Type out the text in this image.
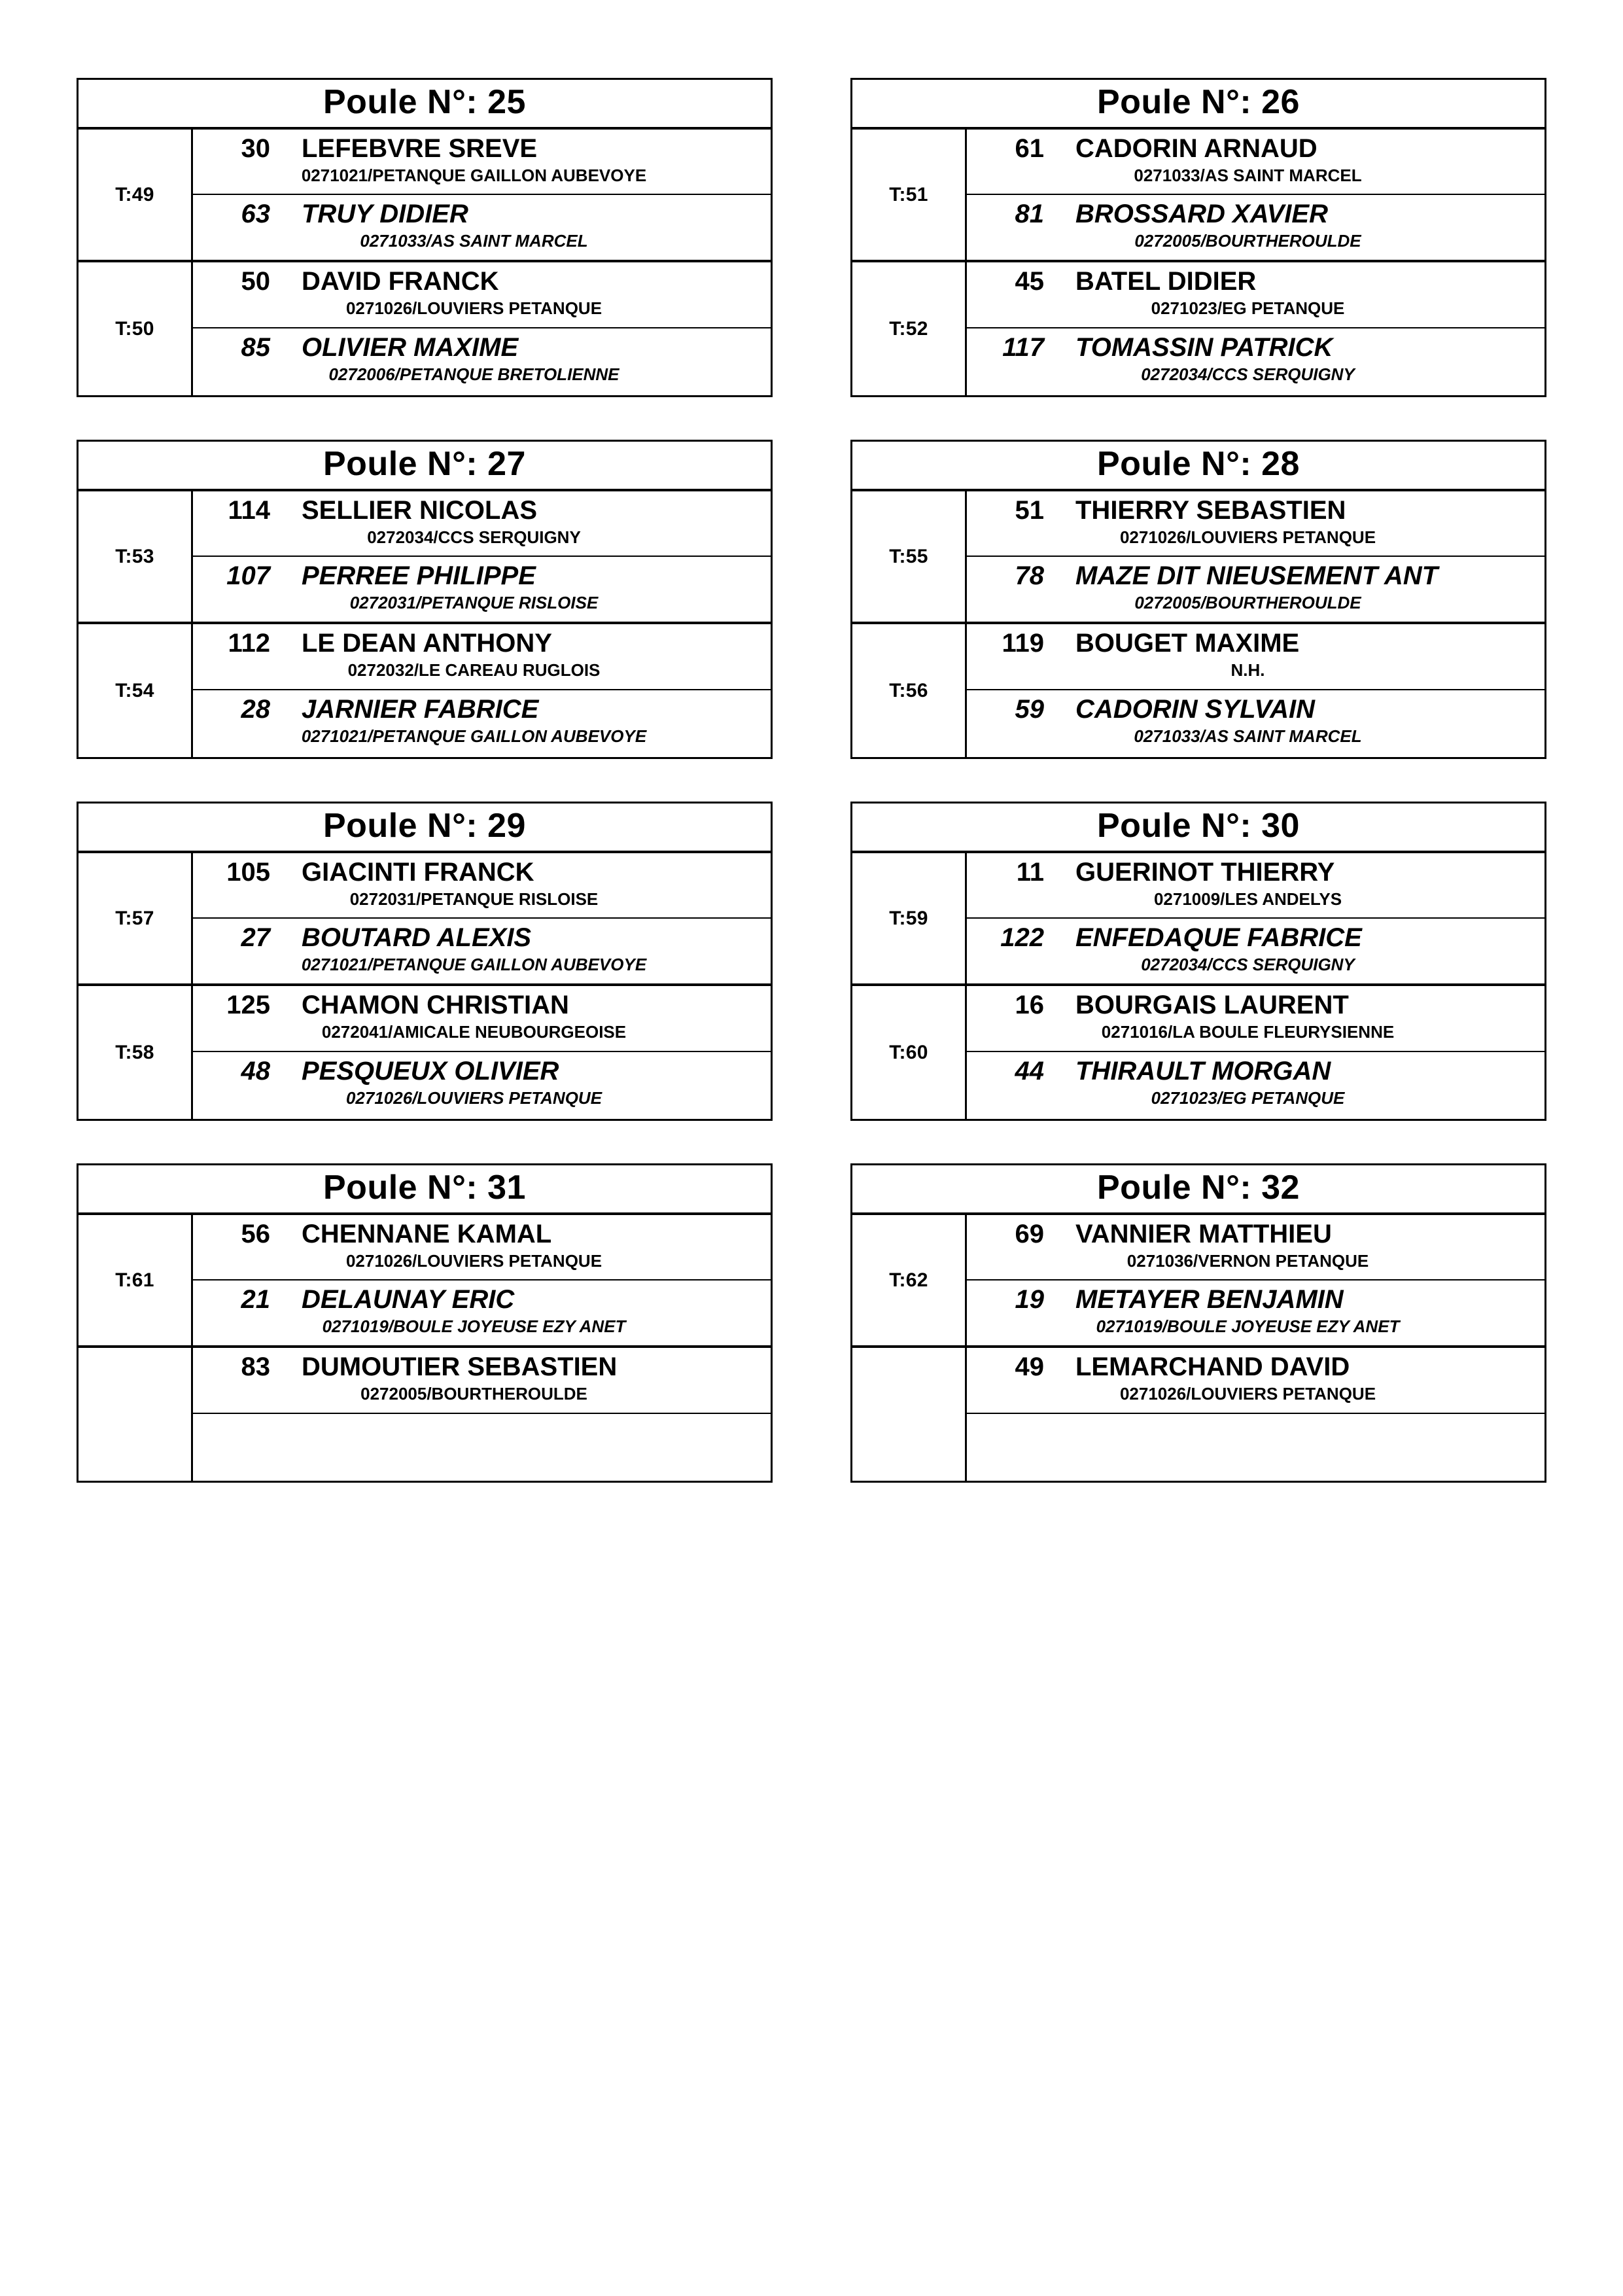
Poule N°: 25
T:49
30	LEFEBVRE SREVE
0271021/PETANQUE GAILLON AUBEVOYE
63	TRUY DIDIER
0271033/AS SAINT MARCEL
T:50
50	DAVID FRANCK
0271026/LOUVIERS PETANQUE
85	OLIVIER MAXIME
0272006/PETANQUE BRETOLIENNE
Poule N°: 26
T:51
61	CADORIN ARNAUD
0271033/AS SAINT MARCEL
81	BROSSARD XAVIER
0272005/BOURTHEROULDE
T:52
45	BATEL DIDIER
0271023/EG PETANQUE
117	TOMASSIN PATRICK
0272034/CCS SERQUIGNY
Poule N°: 27
T:53
114	SELLIER NICOLAS
0272034/CCS SERQUIGNY
107	PERREE PHILIPPE
0272031/PETANQUE RISLOISE
T:54
112	LE DEAN ANTHONY
0272032/LE CAREAU RUGLOIS
28	JARNIER FABRICE
0271021/PETANQUE GAILLON AUBEVOYE
Poule N°: 28
T:55
51	THIERRY SEBASTIEN
0271026/LOUVIERS PETANQUE
78	MAZE DIT NIEUSEMENT ANT
0272005/BOURTHEROULDE
T:56
119	BOUGET MAXIME
N.H.
59	CADORIN SYLVAIN
0271033/AS SAINT MARCEL
Poule N°: 29
T:57
105	GIACINTI FRANCK
0272031/PETANQUE RISLOISE
27	BOUTARD ALEXIS
0271021/PETANQUE GAILLON AUBEVOYE
T:58
125	CHAMON CHRISTIAN
0272041/AMICALE NEUBOURGEOISE
48	PESQUEUX OLIVIER
0271026/LOUVIERS PETANQUE
Poule N°: 30
T:59
11	GUERINOT THIERRY
0271009/LES ANDELYS
122	ENFEDAQUE FABRICE
0272034/CCS SERQUIGNY
T:60
16	BOURGAIS LAURENT
0271016/LA BOULE FLEURYSIENNE
44	THIRAULT MORGAN
0271023/EG PETANQUE
Poule N°: 31
T:61
56	CHENNANE KAMAL
0271026/LOUVIERS PETANQUE
21	DELAUNAY ERIC
0271019/BOULE JOYEUSE EZY ANET
83	DUMOUTIER SEBASTIEN
0272005/BOURTHEROULDE
Poule N°: 32
T:62
69	VANNIER MATTHIEU
0271036/VERNON PETANQUE
19	METAYER BENJAMIN
0271019/BOULE JOYEUSE EZY ANET
49	LEMARCHAND DAVID
0271026/LOUVIERS PETANQUE
